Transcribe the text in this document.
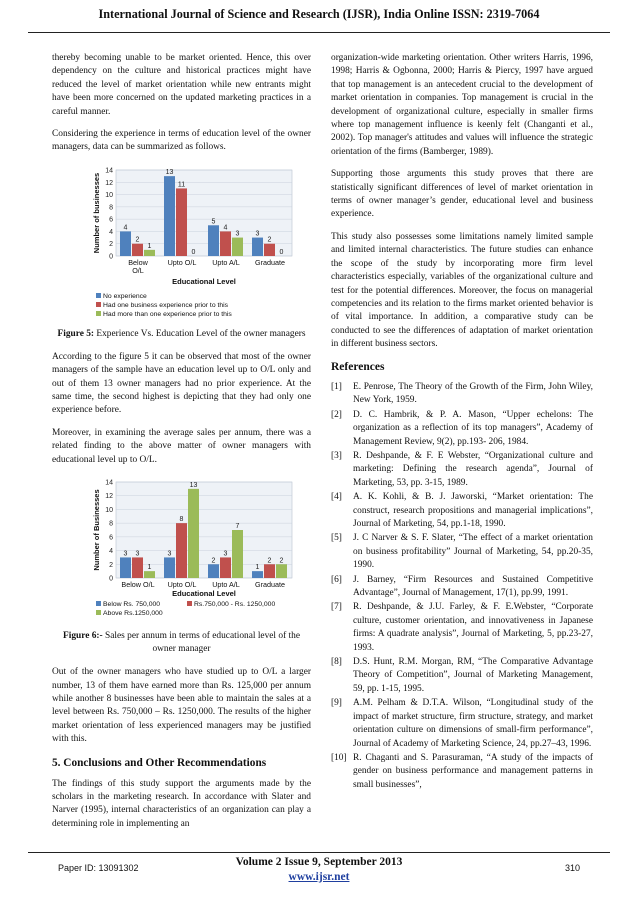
International Journal of Science and Research (IJSR), India Online ISSN: 2319-7064

thereby becoming unable to be market oriented. Hence, this over dependency on the culture and historical practices might have reduced the level of market orientation while new entrants might have been more concerned on the updated marketing practices in a careful manner.

Considering the experience in terms of education level of the owner managers, data can be summarized as follows.

0
2
4
6
8
10
12
14
Number of businesses	4
2
1
Below
13
11
0
Upto O/L
5
4
3
Upto A/L
3
2
0
Graduate
Educational Level
No experience
Had one business experience prior to this
Had more than one experience prior to this
O/L
Figure 5: Experience Vs. Education Level of the owner managers

According to the figure 5 it can be observed that most of the owner managers of the sample have an education level up to O/L only and out of them 13 owner managers had no prior experience. At the same time, the second highest is depicting that they had only one experience before.

Moreover, in examining the average sales per annum, there was a related finding to the above matter of owner managers with educational level up to O/L.

0
2
4
6
8
10
12
14
Number of Businesses	3 3
1
Below O/L
3
8
13
Upto O/L
2
3
7
Upto A/L
1
2 2
Graduate
Educational Level
Below Rs. 750,000	Rs.750,000 - Rs. 1250,000
Above Rs.1250,000
Figure 6:- Sales per annum in terms of educational level of the owner manager

Out of the owner managers who have studied up to O/L a larger number, 13 of them have earned more than Rs. 125,000 per annum while another 8 businesses have been able to maintain the sales at a level between Rs. 750,000 – Rs. 1250,000. The results of the higher market orientation of less experienced managers may be justified with this.

5. Conclusions and Other Recommendations

The findings of this study support the arguments made by the scholars in the marketing research. In accordance with Slater and Narver (1995), internal characteristics of an organization can play a determining role in implementing an

organization-wide marketing orientation. Other writers Harris, 1996, 1998; Harris & Ogbonna, 2000; Harris & Piercy, 1997 have argued that top management is an antecedent crucial to the development of market orientation in companies. Top management is crucial in the development of organizational culture, especially in smaller firms where top management influence is keenly felt (Changanti et al., 2002). Top manager's attitudes and values will influence the strategic orientation of the firms (Bamberger, 1989).

Supporting those arguments this study proves that there are statistically significant differences of level of market orientation in terms of owner manager’s gender, educational level and business experience.

This study also possesses some limitations namely limited sample and limited internal characteristics. The future studies can enhance the scope of the study by incorporating more firm level characteristics especially, variables of the organizational culture and test for the potential differences. Moreover, the focus on managerial competencies and its relation to the firms market oriented behavior is of vital importance. In addition, a comparative study can be conducted to see the differences of adaptation of market orientation in different business sectors.

References
[1] E. Penrose, The Theory of the Growth of the Firm, John Wiley, New York, 1959.
[2] D. C. Hambrik, & P. A. Mason, “Upper echelons: The organization as a reflection of its top managers”, Academy of Management Review, 9(2), pp.193- 206, 1984.
[3] R. Deshpande, & F. E Webster, “Organizational culture and marketing: Defining the research agenda”, Journal of Marketing, 53, pp. 3-15, 1989.
[4] A. K. Kohli, & B. J. Jaworski, “Market orientation: The construct, research propositions and managerial implications”, Journal of Marketing, 54, pp.1-18, 1990.
[5] J. C Narver & S. F. Slater, “The effect of a market orientation on business profitability” Journal of Marketing, 54, pp.20-35, 1990.
[6] J. Barney, “Firm Resources and Sustained Competitive Advantage”, Journal of Management, 17(1), pp.99, 1991.
[7] R. Deshpande, & J.U. Farley, & F. E.Webster, “Corporate culture, customer orientation, and innovativeness in Japanese firms: A quadrate analysis”, Journal of Marketing, 5, pp.23-27, 1993.
[8] D.S. Hunt, R.M. Morgan, RM, “The Comparative Advantage Theory of Competition”, Journal of Marketing Management, 59, pp. 1-15, 1995.
[9] A.M. Pelham & D.T.A. Wilson, “Longitudinal study of the impact of market structure, firm structure, strategy, and market orientation culture on dimensions of small-firm performance”, Journal of Academy of Marketing Science, 24, pp.27–43, 1996.
[10] R. Chaganti and S. Parasuraman, “A study of the impacts of gender on business performance and management patterns in small businesses”,
Paper ID: 13091302	Volume 2 Issue 9, September 2013
www.ijsr.net
310
